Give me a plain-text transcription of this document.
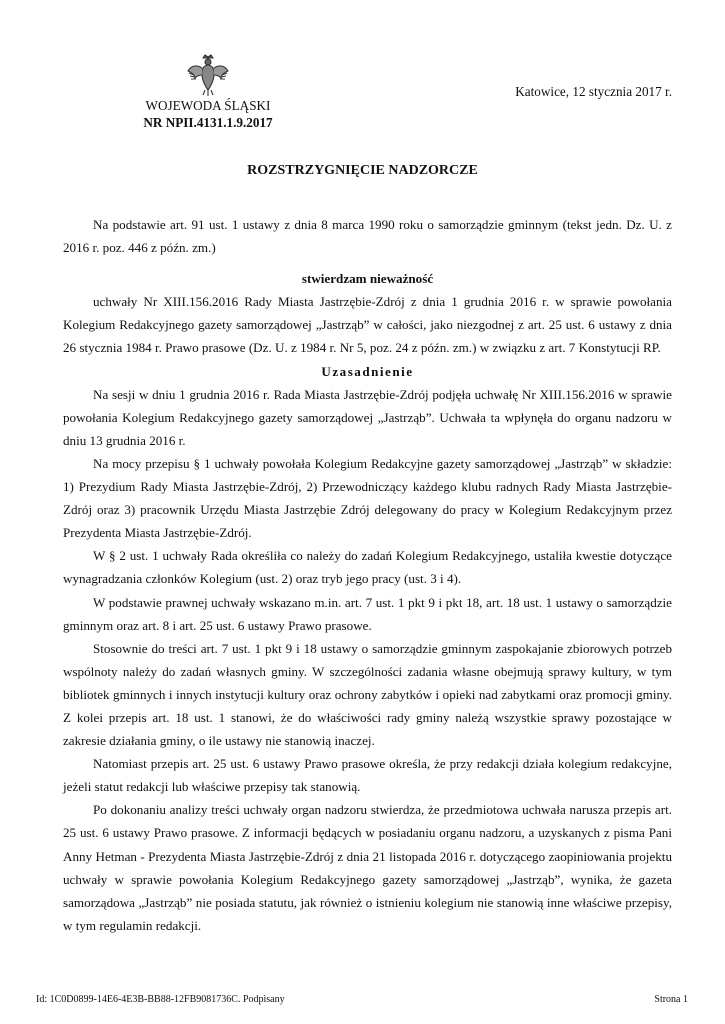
WOJEWODA ŚLĄSKI
NR NPII.4131.1.9.2017
Katowice, 12 stycznia 2017 r.
ROZSTRZYGNIĘCIE NADZORCZE

Na podstawie art. 91 ust. 1 ustawy z dnia 8 marca 1990 roku o samorządzie gminnym (tekst jedn. Dz. U. z 2016 r. poz. 446 z późn. zm.)

stwierdzam nieważność

uchwały Nr XIII.156.2016 Rady Miasta Jastrzębie-Zdrój z dnia 1 grudnia 2016 r. w sprawie powołania Kolegium Redakcyjnego gazety samorządowej „Jastrząb” w całości, jako niezgodnej z art. 25 ust. 6 ustawy z dnia 26 stycznia 1984 r. Prawo prasowe (Dz. U. z 1984 r. Nr 5, poz. 24 z późn. zm.) w związku z art. 7 Konstytucji RP.

Uzasadnienie

Na sesji w dniu 1 grudnia 2016 r. Rada Miasta Jastrzębie-Zdrój podjęła uchwałę Nr XIII.156.2016 w sprawie powołania Kolegium Redakcyjnego gazety samorządowej „Jastrząb”. Uchwała ta wpłynęła do organu nadzoru w dniu 13 grudnia 2016 r.

Na mocy przepisu § 1 uchwały powołała Kolegium Redakcyjne gazety samorządowej „Jastrząb” w składzie: 1) Prezydium Rady Miasta Jastrzębie-Zdrój, 2) Przewodniczący każdego klubu radnych Rady Miasta Jastrzębie-Zdrój oraz 3) pracownik Urzędu Miasta Jastrzębie Zdrój delegowany do pracy w Kolegium Redakcyjnym przez Prezydenta Miasta Jastrzębie-Zdrój.

W § 2 ust. 1 uchwały Rada określiła co należy do zadań Kolegium Redakcyjnego, ustaliła kwestie dotyczące wynagradzania członków Kolegium (ust. 2) oraz tryb jego pracy (ust. 3 i 4).

W podstawie prawnej uchwały wskazano m.in. art. 7 ust. 1 pkt 9 i pkt 18, art. 18 ust. 1 ustawy o samorządzie gminnym oraz art. 8 i art. 25 ust. 6 ustawy Prawo prasowe.

Stosownie do treści art. 7 ust. 1 pkt 9 i 18 ustawy o samorządzie gminnym zaspokajanie zbiorowych potrzeb wspólnoty należy do zadań własnych gminy. W szczególności zadania własne obejmują sprawy kultury, w tym bibliotek gminnych i innych instytucji kultury oraz ochrony zabytków i opieki nad zabytkami oraz promocji gminy. Z kolei przepis art. 18 ust. 1 stanowi, że do właściwości rady gminy należą wszystkie sprawy pozostające w zakresie działania gminy, o ile ustawy nie stanowią inaczej.

Natomiast przepis art. 25 ust. 6 ustawy Prawo prasowe określa, że przy redakcji działa kolegium redakcyjne, jeżeli statut redakcji lub właściwe przepisy tak stanowią.

Po dokonaniu analizy treści uchwały organ nadzoru stwierdza, że przedmiotowa uchwała narusza przepis art. 25 ust. 6 ustawy Prawo prasowe. Z informacji będących w posiadaniu organu nadzoru, a uzyskanych z pisma Pani Anny Hetman - Prezydenta Miasta Jastrzębie-Zdrój z dnia 21 listopada 2016 r. dotyczącego zaopiniowania projektu uchwały w sprawie powołania Kolegium Redakcyjnego gazety samorządowej „Jastrząb”, wynika, że gazeta samorządowa „Jastrząb” nie posiada statutu, jak również o istnieniu kolegium nie stanowią inne właściwe przepisy, w tym regulamin redakcji.

Id: 1C0D0899-14E6-4E3B-BB88-12FB9081736C. Podpisany	Strona 1
